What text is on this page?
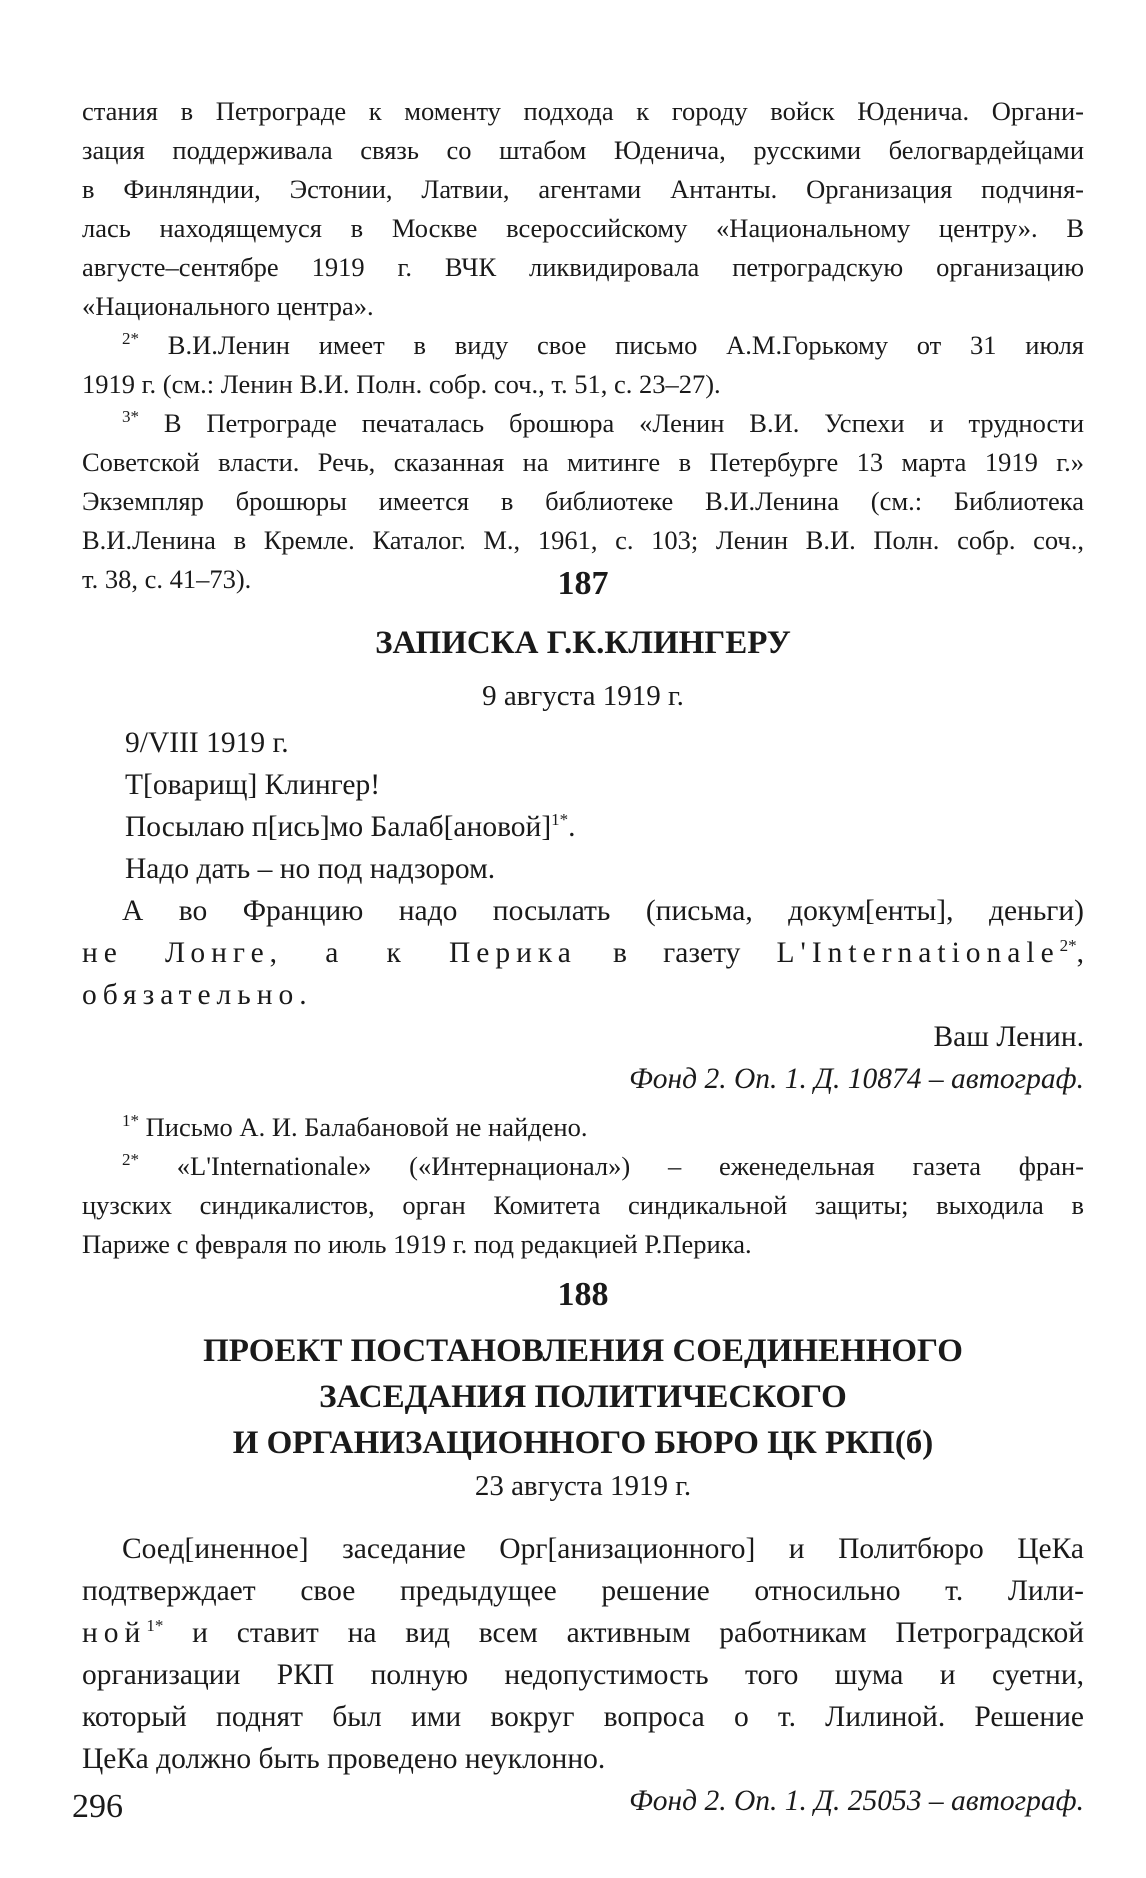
стания в Петрограде к моменту подхода к городу войск Юденича. Органи-

зация поддерживала связь со штабом Юденича, русскими белогвардейцами

в Финляндии, Эстонии, Латвии, агентами Антанты. Организация подчиня-

лась находящемуся в Москве всероссийскому «Национальному центру». В

августе–сентябре 1919 г. ВЧК ликвидировала петроградскую организацию

«Национального центра».

$^{2*}$ В.И.Ленин имеет в виду свое письмо А.М.Горькому от 31 июля

1919 г. (см.: Ленин В.И. Полн. собр. соч., т. 51, с. 23–27).

$^{3*}$ В Петрограде печаталась брошюра «Ленин В.И. Успехи и трудности

Советской власти. Речь, сказанная на митинге в Петербурге 13 марта 1919 г.»

Экземпляр брошюры имеется в библиотеке В.И.Ленина (см.: Библиотека

В.И.Ленина в Кремле. Каталог. М., 1961, с. 103; Ленин В.И. Полн. собр. соч.,

т. 38, с. 41–73).	187
ЗАПИСКА Г.К.КЛИНГЕРУ
9 августа 1919 г.

9/VIII 1919 г.

Т[оварищ] Клингер!

Посылаю п[ись]мо Балаб[ановой]$^{1*}$.

Надо дать – но под надзором.

А во Францию надо посылать (письма, докум[енты], деньги)

не Лонге, а к Перика в газету L'Internationale$^{2*}$,

обязательно.

Ваш Ленин.

Фонд 2. Оп. 1. Д. 10874 – автограф.

$^{1*}$ Письмо А. И. Балабановой не найдено.

$^{2*}$ «L'Internationale» («Интернационал») – еженедельная газета фран-

цузских синдикалистов, орган Комитета синдикальной защиты; выходила в

Париже с февраля по июль 1919 г. под редакцией Р.Перика.

188
ПРОЕКТ ПОСТАНОВЛЕНИЯ СОЕДИНЕННОГО
ЗАСЕДАНИЯ ПОЛИТИЧЕСКОГО
И ОРГАНИЗАЦИОННОГО БЮРО ЦК РКП(б)
23 августа 1919 г.

Соед[иненное] заседание Орг[анизационного] и Политбюро ЦеКа

подтверждает свое предыдущее решение относильно т. Лили-

ной$^{1*}$ и ставит на вид всем активным работникам Петроградской

организации РКП полную недопустимость того шума и суетни,

который поднят был ими вокруг вопроса о т. Лилиной. Решение

ЦеКа должно быть проведено неуклонно.

Фонд 2. Оп. 1. Д. 25053 – автограф.

296
